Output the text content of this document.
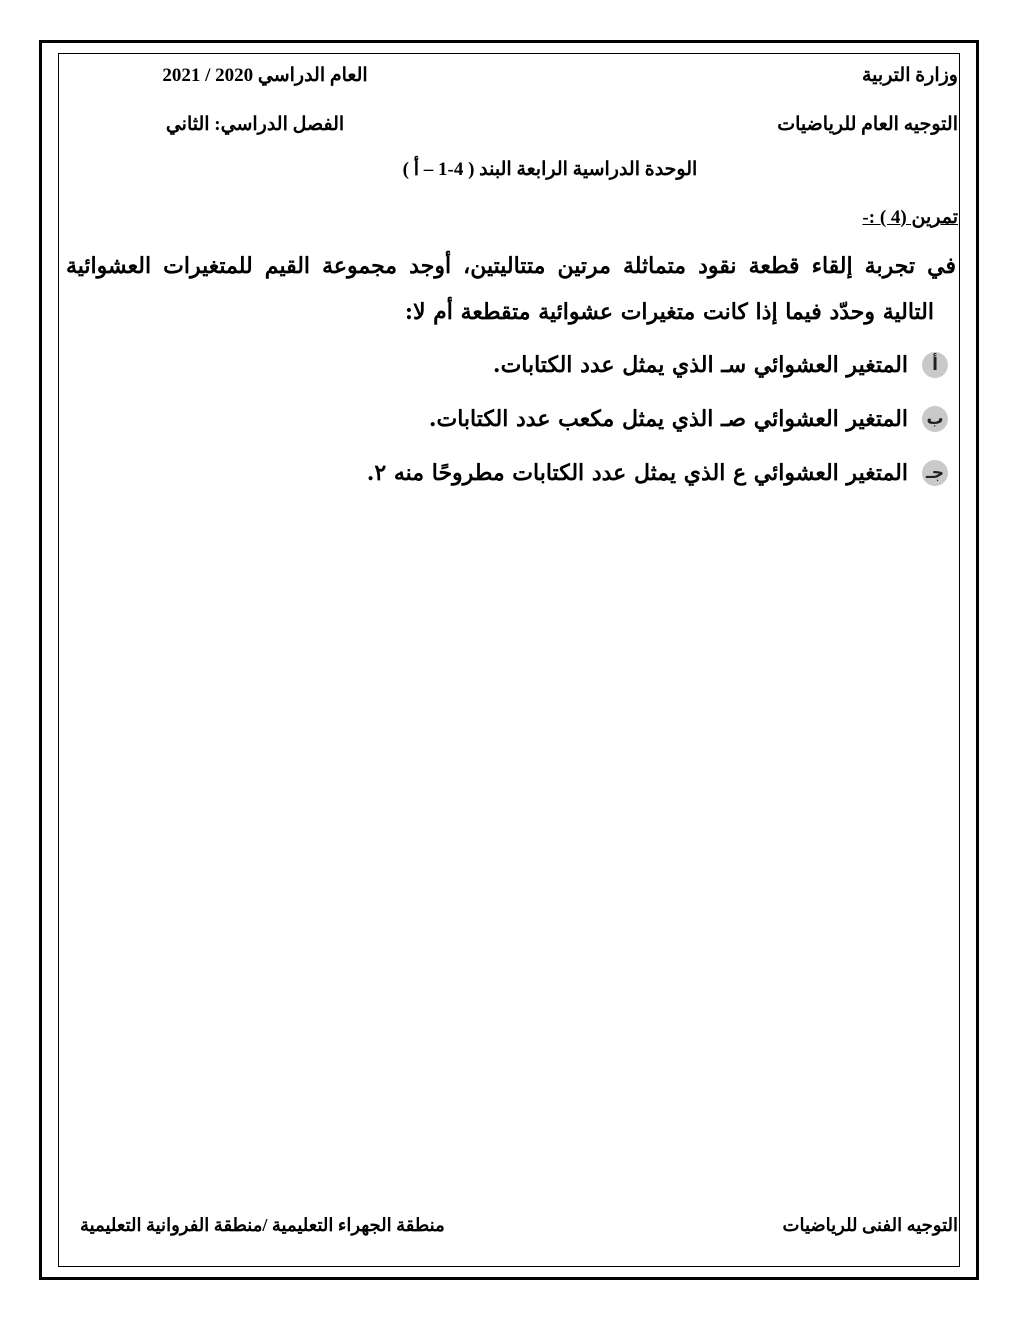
وزارة التربية
العام الدراسي 2020 / 2021
التوجيه العام للرياضيات
الفصل الدراسي: الثاني
الوحدة الدراسية الرابعة البند ( 4-1 – أ )
تمرين (4 ) :-
في تجربة إلقاء قطعة نقود متماثلة مرتين متتاليتين، أوجد مجموعة القيم للمتغيرات العشوائية
التالية وحدّد فيما إذا كانت متغيرات عشوائية متقطعة أم لا:
أ
المتغير العشوائي سـ الذي يمثل عدد الكتابات.
ب
المتغير العشوائي صـ الذي يمثل مكعب عدد الكتابات.
جـ
المتغير العشوائي ع الذي يمثل عدد الكتابات مطروحًا منه ٢.
التوجيه الفنى للرياضيات
منطقة الجهراء التعليمية /منطقة الفروانية التعليمية
